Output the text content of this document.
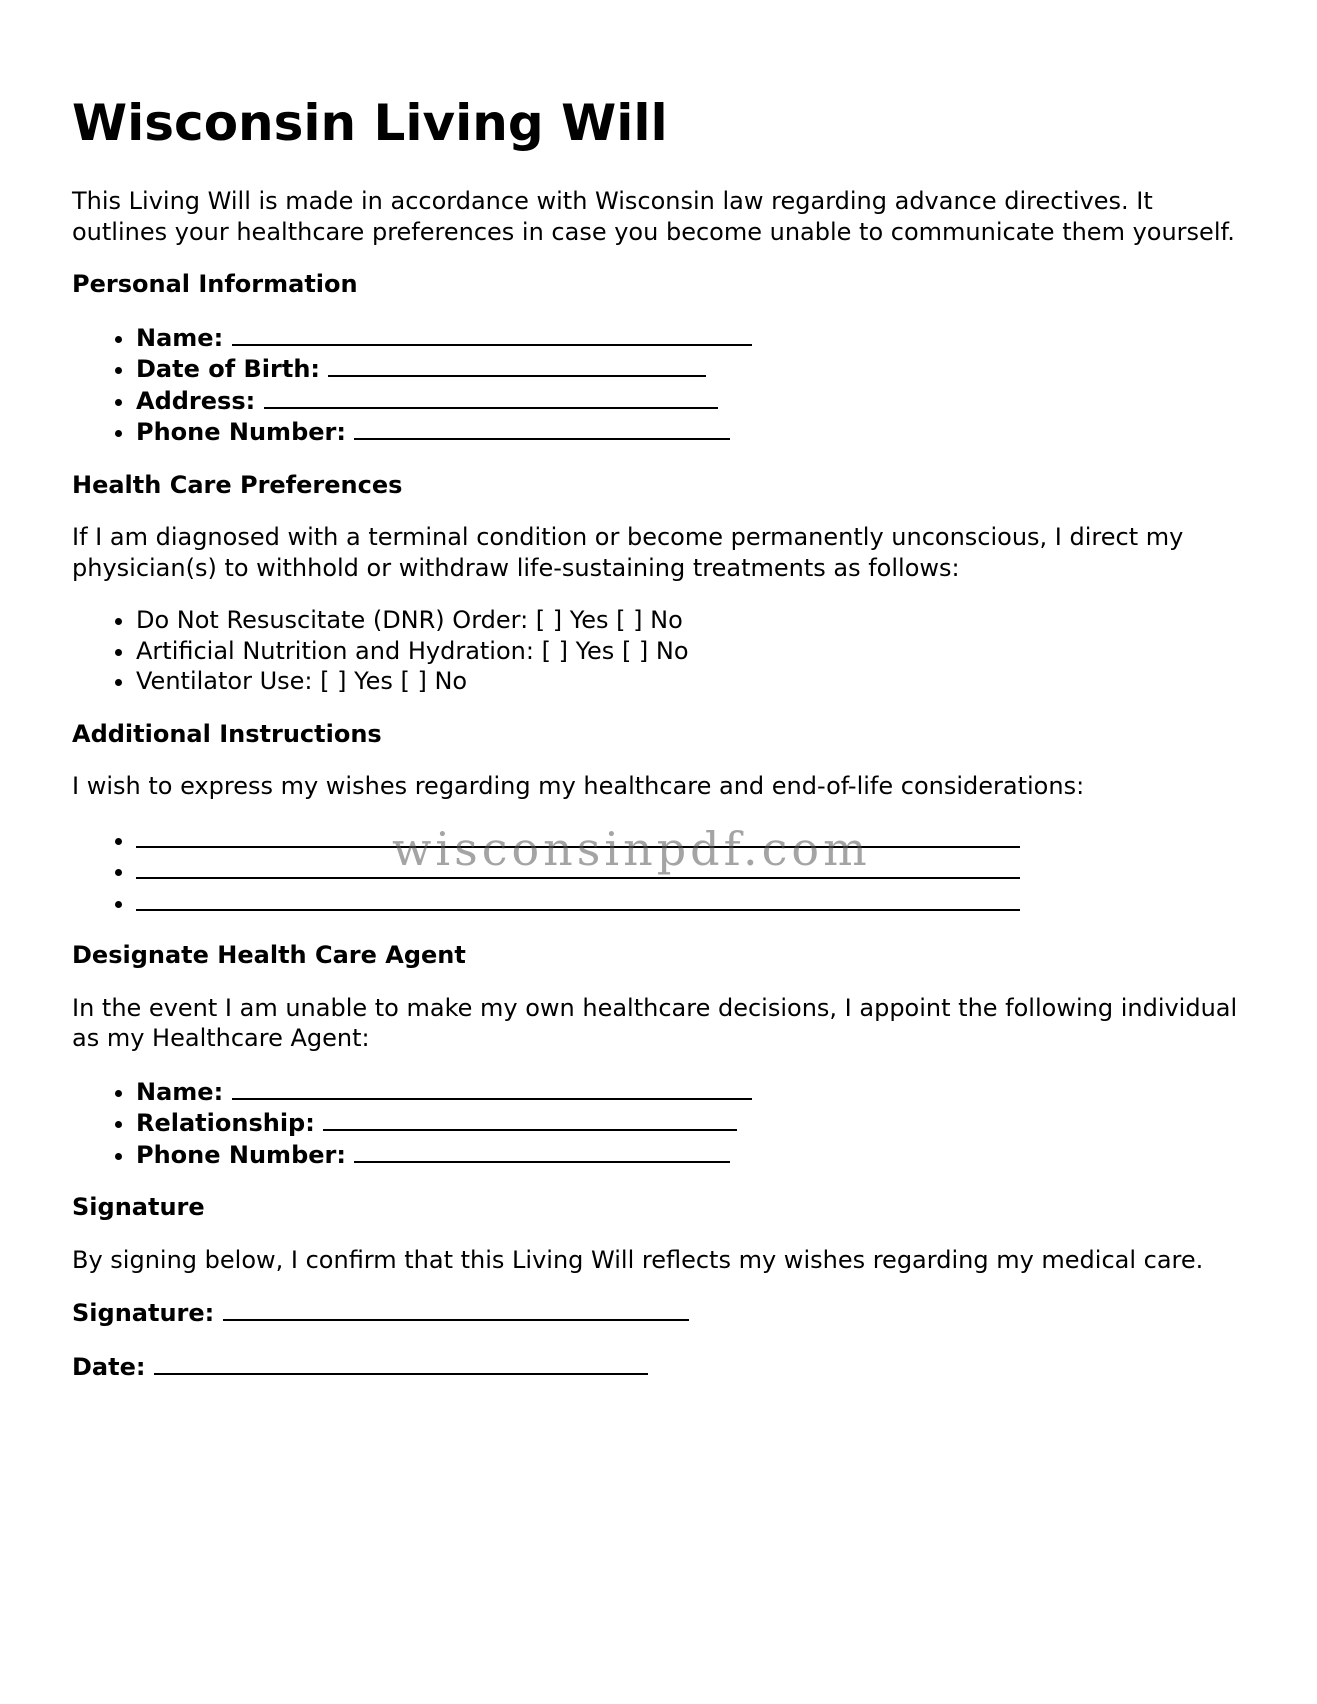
Wisconsin Living Will

This Living Will is made in accordance with Wisconsin law regarding advance directives. It outlines your healthcare preferences in case you become unable to communicate them yourself.

Personal Information
• Name:
• Date of Birth:
• Address:
• Phone Number:
Health Care Preferences

If I am diagnosed with a terminal condition or become permanently unconscious, I direct my physician(s) to withhold or withdraw life-sustaining treatments as follows:

• Do Not Resuscitate (DNR) Order: [ ] Yes [ ] No
• Artificial Nutrition and Hydration: [ ] Yes [ ] No
• Ventilator Use: [ ] Yes [ ] No
Additional Instructions

I wish to express my wishes regarding my healthcare and end-of-life considerations:

•
•
•
Designate Health Care Agent

In the event I am unable to make my own healthcare decisions, I appoint the following individual as my Healthcare Agent:

• Name:
• Relationship:
• Phone Number:
Signature

By signing below, I confirm that this Living Will reflects my wishes regarding my medical care.

Signature:

Date:

wisconsinpdf.com
